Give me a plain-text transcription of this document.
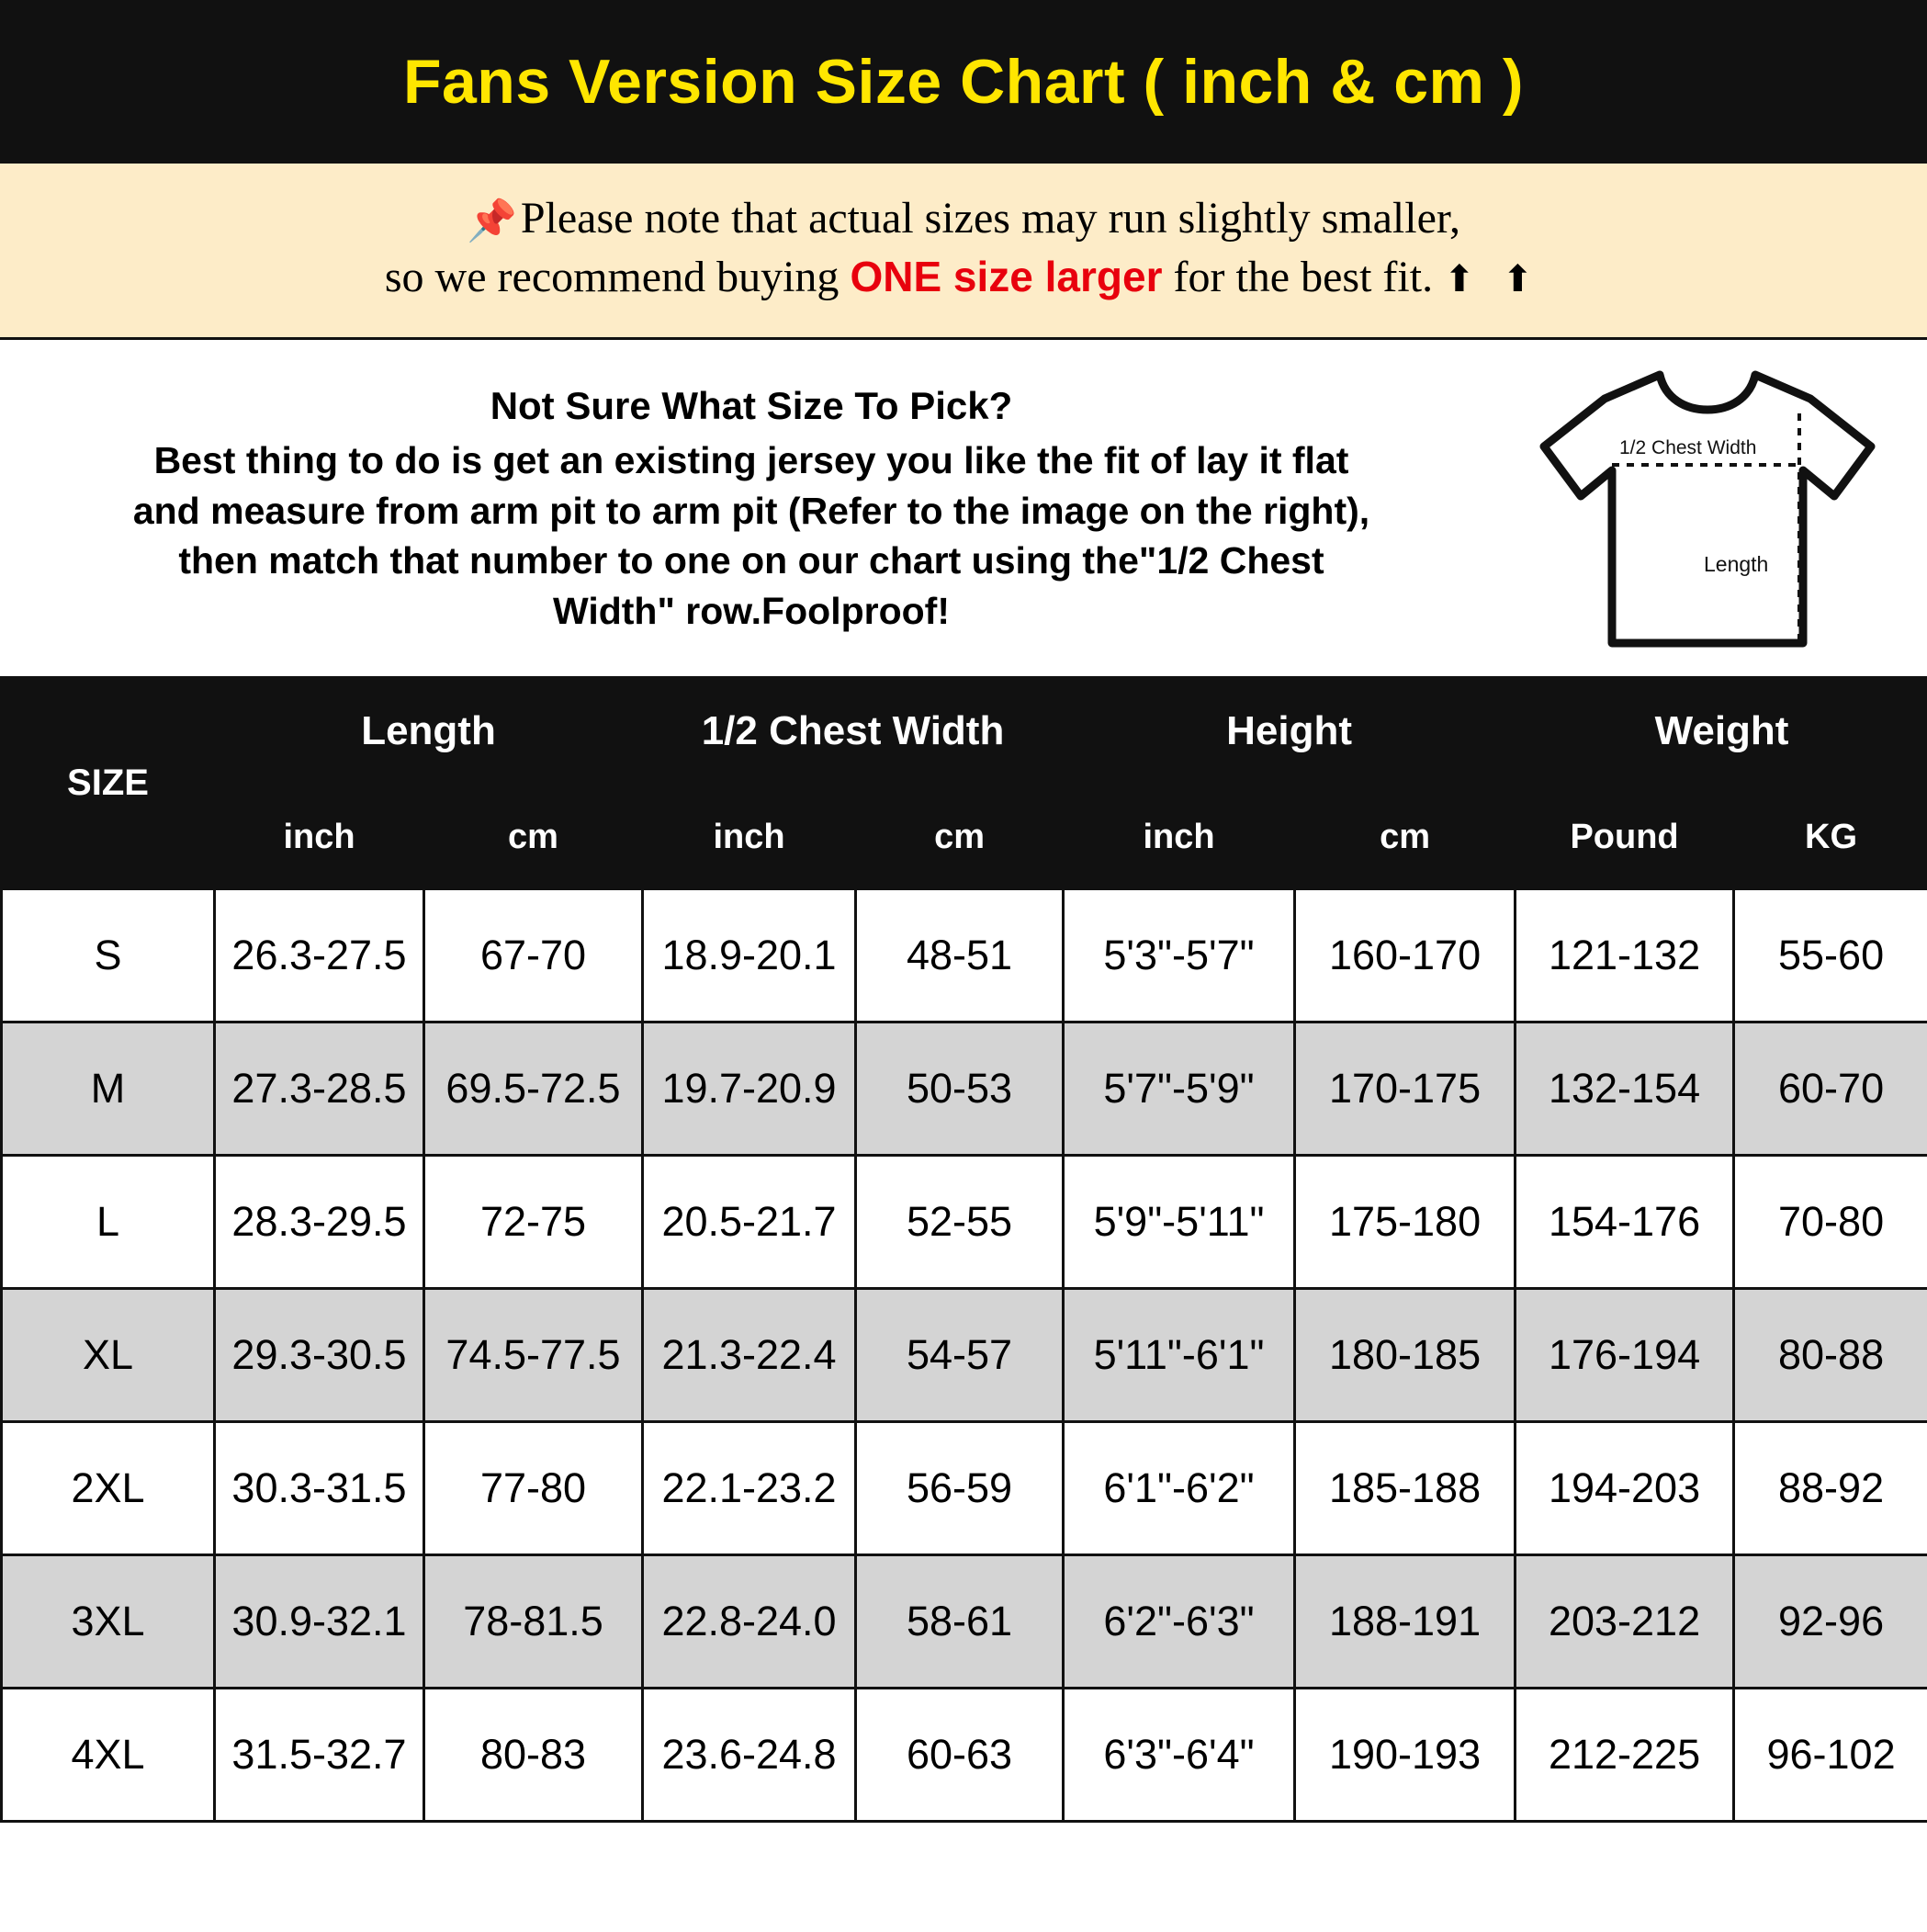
Fans Version Size Chart ( inch & cm )
📌Please note that actual sizes may run slightly smaller,
so we recommend buying ONE size larger for the best fit. ⬆ ⬆
Not Sure What Size To Pick?
Best thing to do is get an existing jersey you like the fit of lay it flat
and measure from arm pit to arm pit (Refer to the image on the right),
then match that number to one on our chart using the"1/2 Chest
Width" row.Foolproof!
1/2 Chest Width
Length
SIZE	Length		1/2 Chest Width		Height		Weight	
	inch	cm	inch	cm	inch	cm	Pound	KG
S	26.3-27.5	67-70	18.9-20.1	48-51	5'3"-5'7"	160-170	121-132	55-60
M	27.3-28.5	69.5-72.5	19.7-20.9	50-53	5'7"-5'9"	170-175	132-154	60-70
L	28.3-29.5	72-75	20.5-21.7	52-55	5'9"-5'11"	175-180	154-176	70-80
XL	29.3-30.5	74.5-77.5	21.3-22.4	54-57	5'11"-6'1"	180-185	176-194	80-88
2XL	30.3-31.5	77-80	22.1-23.2	56-59	6'1"-6'2"	185-188	194-203	88-92
3XL	30.9-32.1	78-81.5	22.8-24.0	58-61	6'2"-6'3"	188-191	203-212	92-96
4XL	31.5-32.7	80-83	23.6-24.8	60-63	6'3"-6'4"	190-193	212-225	96-102
